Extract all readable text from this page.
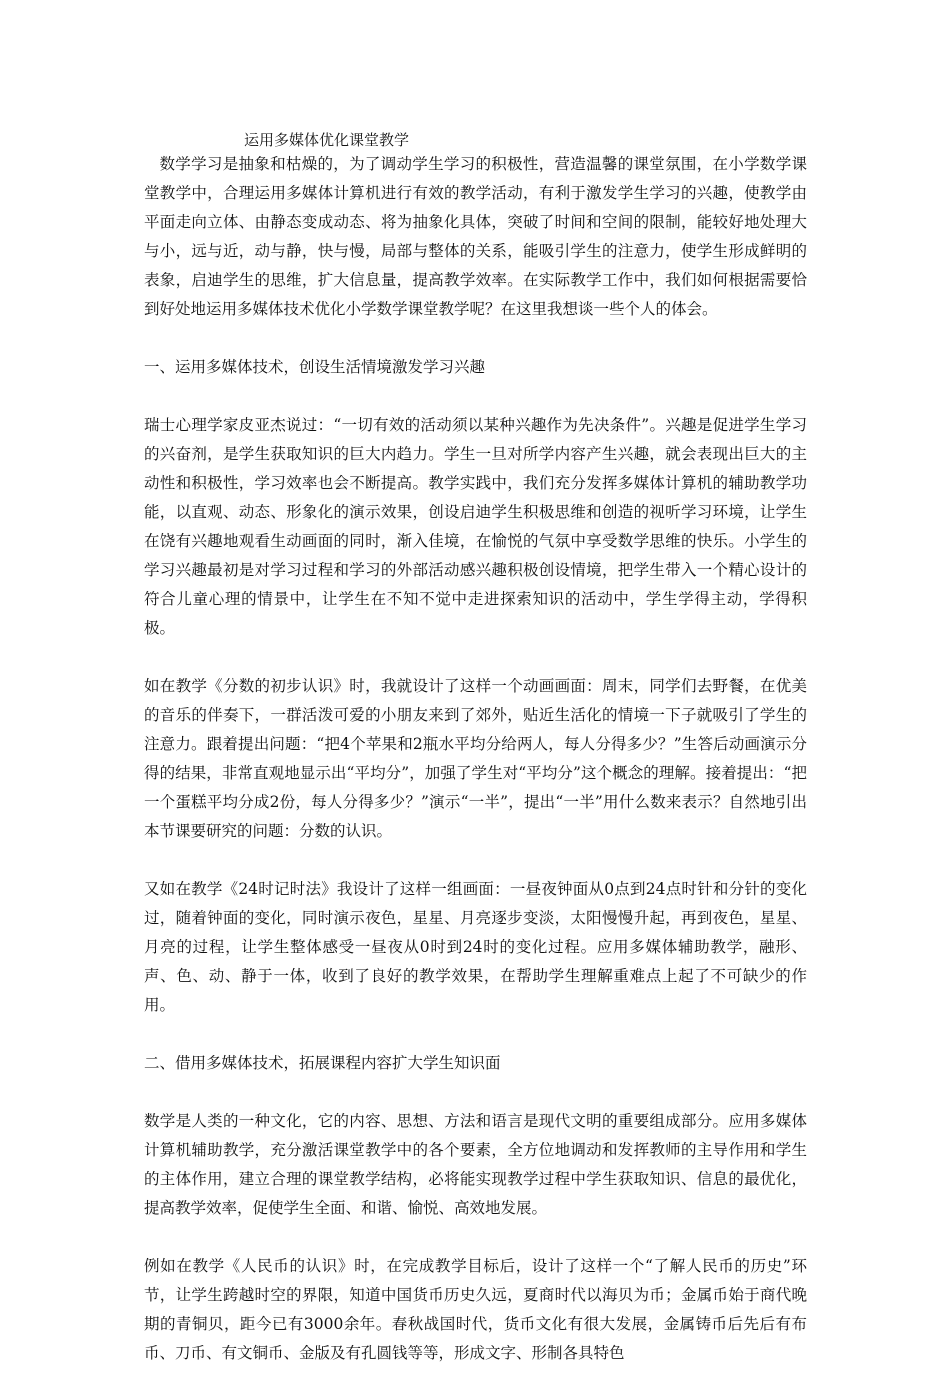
运用多媒体优化课堂教学

数学学习是抽象和枯燥的，为了调动学生学习的积极性，营造温馨的课堂氛围，在小学数学课堂教学中，合理运用多媒体计算机进行有效的教学活动，有利于激发学生学习的兴趣，使教学由平面走向立体、由静态变成动态、将为抽象化具体，突破了时间和空间的限制，能较好地处理大与小，远与近，动与静，快与慢，局部与整体的关系，能吸引学生的注意力，使学生形成鲜明的表象，启迪学生的思维，扩大信息量，提高教学效率。在实际教学工作中，我们如何根据需要恰到好处地运用多媒体技术优化小学数学课堂教学呢？在这里我想谈一些个人的体会。

一、运用多媒体技术，创设生活情境激发学习兴趣

瑞士心理学家皮亚杰说过：“一切有效的活动须以某种兴趣作为先决条件”。兴趣是促进学生学习的兴奋剂，是学生获取知识的巨大内趋力。学生一旦对所学内容产生兴趣，就会表现出巨大的主动性和积极性，学习效率也会不断提高。教学实践中，我们充分发挥多媒体计算机的辅助教学功能，以直观、动态、形象化的演示效果，创设启迪学生积极思维和创造的视听学习环境，让学生在饶有兴趣地观看生动画面的同时，渐入佳境，在愉悦的气氛中享受数学思维的快乐。小学生的学习兴趣最初是对学习过程和学习的外部活动感兴趣积极创设情境，把学生带入一个精心设计的符合儿童心理的情景中，让学生在不知不觉中走进探索知识的活动中，学生学得主动，学得积极。

如在教学《分数的初步认识》时，我就设计了这样一个动画画面：周末，同学们去野餐，在优美的音乐的伴奏下，一群活泼可爱的小朋友来到了郊外，贴近生活化的情境一下子就吸引了学生的注意力。跟着提出问题：“把4个苹果和2瓶水平均分给两人，每人分得多少？”生答后动画演示分得的结果，非常直观地显示出“平均分”，加强了学生对“平均分”这个概念的理解。接着提出：“把一个蛋糕平均分成2份，每人分得多少？”演示“一半”，提出“一半”用什么数来表示？自然地引出本节课要研究的问题：分数的认识。

又如在教学《24时记时法》我设计了这样一组画面：一昼夜钟面从0点到24点时针和分针的变化过，随着钟面的变化，同时演示夜色，星星、月亮逐步变淡，太阳慢慢升起，再到夜色，星星、月亮的过程，让学生整体感受一昼夜从0时到24时的变化过程。应用多媒体辅助教学，融形、声、色、动、静于一体，收到了良好的教学效果，在帮助学生理解重难点上起了不可缺少的作用。

二、借用多媒体技术，拓展课程内容扩大学生知识面

数学是人类的一种文化，它的内容、思想、方法和语言是现代文明的重要组成部分。应用多媒体计算机辅助教学，充分激活课堂教学中的各个要素，全方位地调动和发挥教师的主导作用和学生的主体作用，建立合理的课堂教学结构，必将能实现教学过程中学生获取知识、信息的最优化，提高教学效率，促使学生全面、和谐、愉悦、高效地发展。

例如在教学《人民币的认识》时，在完成教学目标后，设计了这样一个“了解人民币的历史”环节，让学生跨越时空的界限，知道中国货币历史久远，夏商时代以海贝为币；金属币始于商代晚期的青铜贝，距今已有3000余年。春秋战国时代，货币文化有很大发展，金属铸币后先后有布币、刀币、有文铜币、金版及有孔圆钱等等，形成文字、形制各具特色
